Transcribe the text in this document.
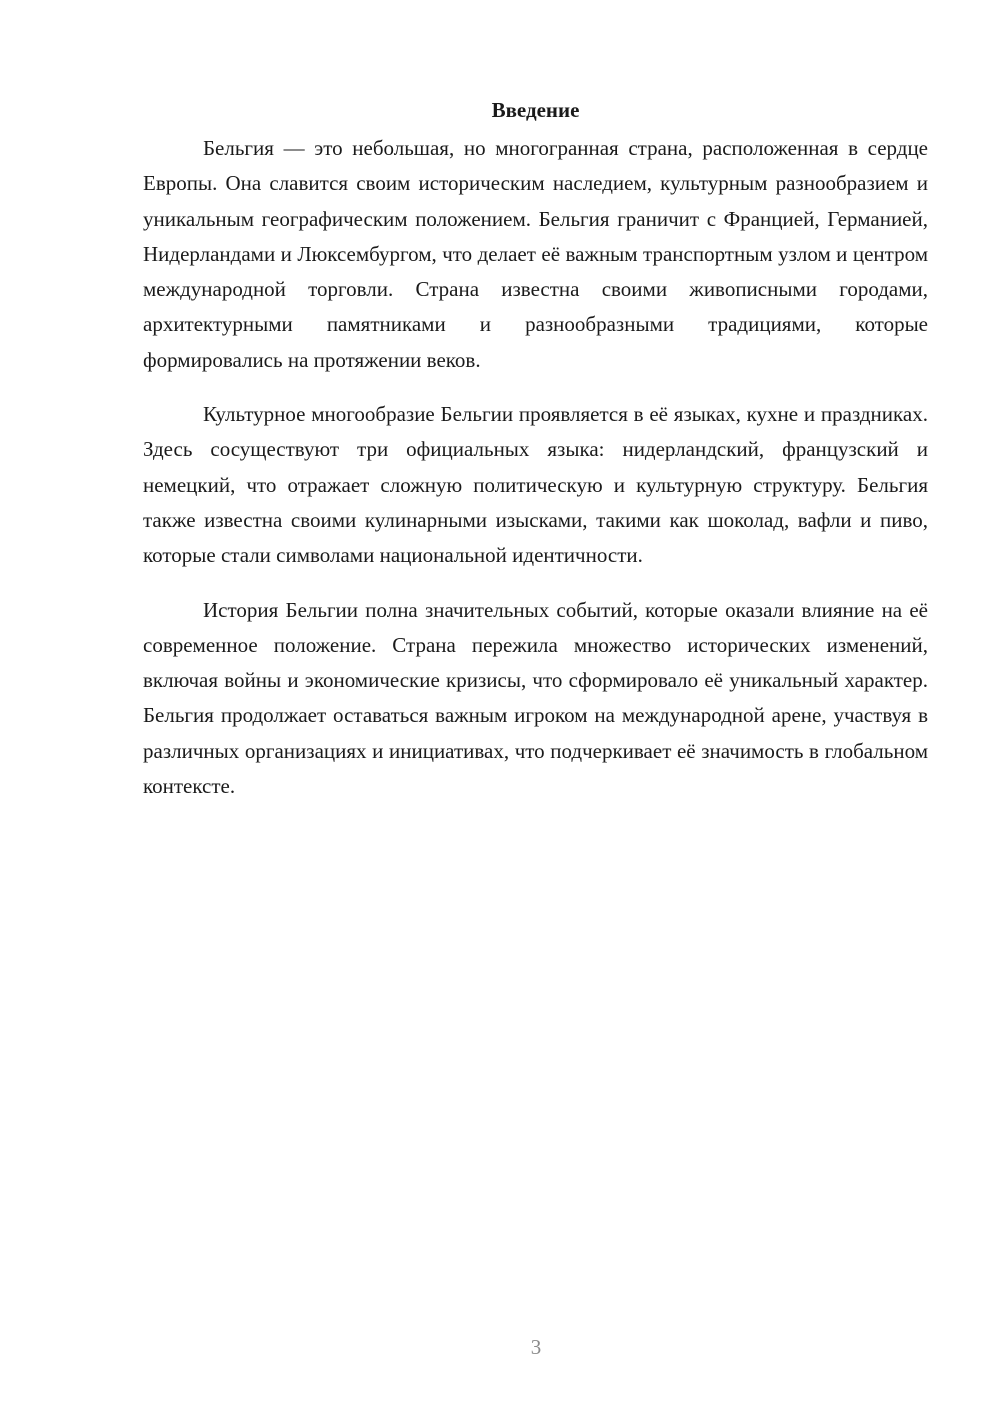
Введение

Бельгия — это небольшая, но многогранная страна, расположенная в сердце Европы. Она славится своим историческим наследием, культурным разнообразием и уникальным географическим положением. Бельгия граничит с Францией, Германией, Нидерландами и Люксембургом, что делает её важным транспортным узлом и центром международной торговли. Страна известна своими живописными городами, архитектурными памятниками и разнообразными традициями, которые формировались на протяжении веков.

Культурное многообразие Бельгии проявляется в её языках, кухне и праздниках. Здесь сосуществуют три официальных языка: нидерландский, французский и немецкий, что отражает сложную политическую и культурную структуру. Бельгия также известна своими кулинарными изысками, такими как шоколад, вафли и пиво, которые стали символами национальной идентичности.

История Бельгии полна значительных событий, которые оказали влияние на её современное положение. Страна пережила множество исторических изменений, включая войны и экономические кризисы, что сформировало её уникальный характер. Бельгия продолжает оставаться важным игроком на международной арене, участвуя в различных организациях и инициативах, что подчеркивает её значимость в глобальном контексте.

3
